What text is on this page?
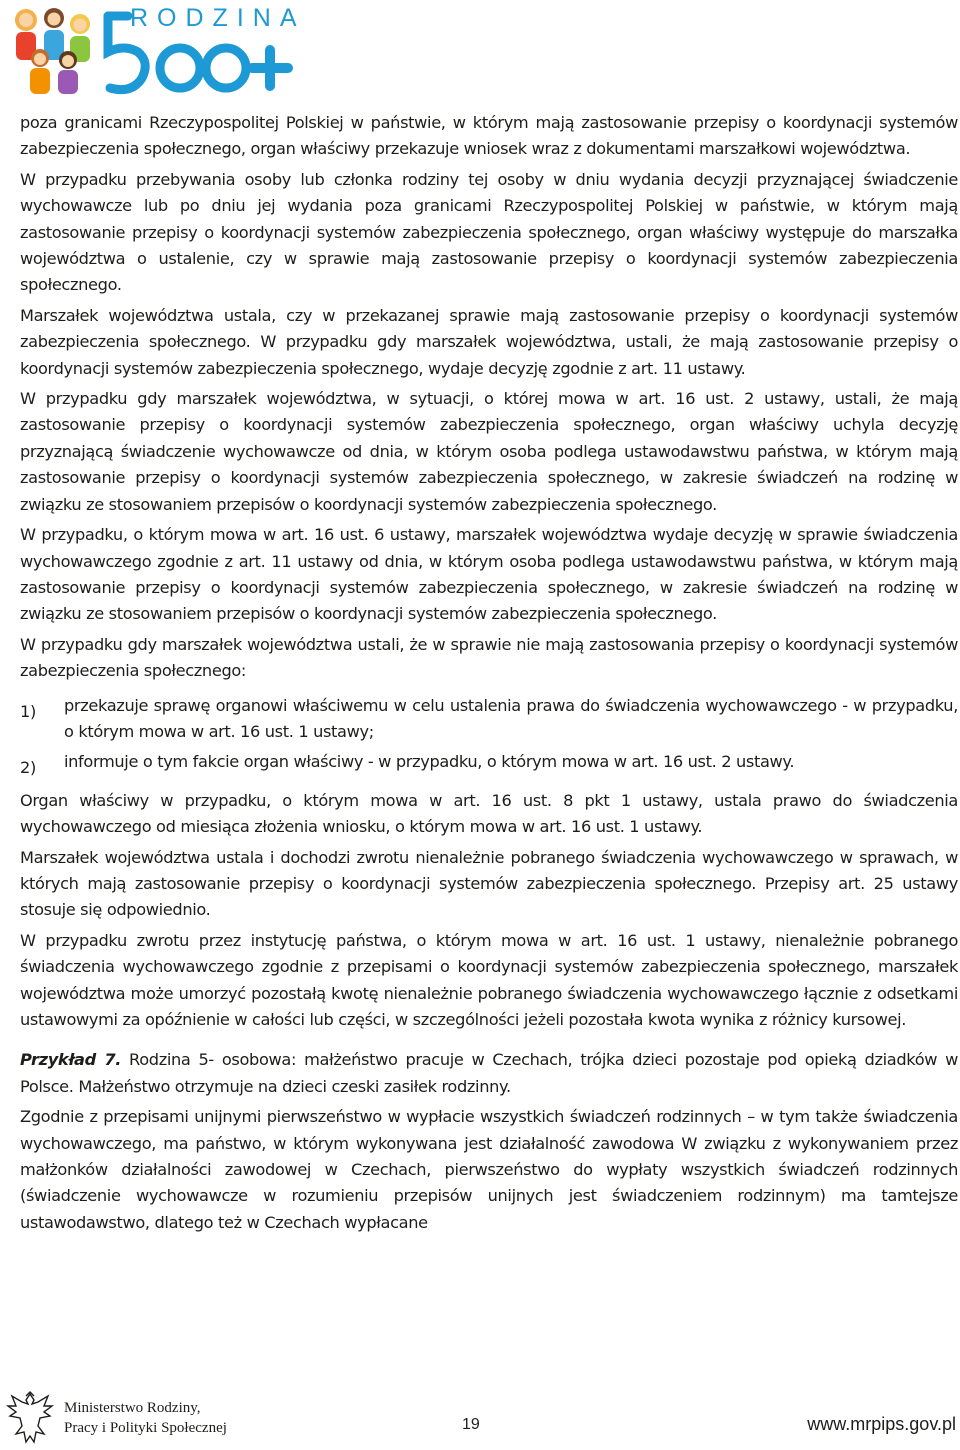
RODZINA

poza granicami Rzeczypospolitej Polskiej w państwie, w którym mają zastosowanie przepisy o koordynacji systemów zabezpieczenia społecznego, organ właściwy przekazuje wniosek wraz z dokumentami marszałkowi województwa.

W przypadku przebywania osoby lub członka rodziny tej osoby w dniu wydania decyzji przyznającej świadczenie wychowawcze lub po dniu jej wydania poza granicami Rzeczypospolitej Polskiej w państwie, w którym mają zastosowanie przepisy o koordynacji systemów zabezpieczenia społecznego, organ właściwy występuje do marszałka województwa o ustalenie, czy w sprawie mają zastosowanie przepisy o koordynacji systemów zabezpieczenia społecznego.

Marszałek województwa ustala, czy w przekazanej sprawie mają zastosowanie przepisy o koordynacji systemów zabezpieczenia społecznego. W przypadku gdy marszałek województwa, ustali, że mają zastosowanie przepisy o koordynacji systemów zabezpieczenia społecznego, wydaje decyzję zgodnie z art. 11 ustawy.

W przypadku gdy marszałek województwa, w sytuacji, o której mowa w art. 16 ust. 2 ustawy, ustali, że mają zastosowanie przepisy o koordynacji systemów zabezpieczenia społecznego, organ właściwy uchyla decyzję przyznającą świadczenie wychowawcze od dnia, w którym osoba podlega ustawodawstwu państwa, w którym mają zastosowanie przepisy o koordynacji systemów zabezpieczenia społecznego, w zakresie świadczeń na rodzinę w związku ze stosowaniem przepisów o koordynacji systemów zabezpieczenia społecznego.

W przypadku, o którym mowa w art. 16 ust. 6 ustawy, marszałek województwa wydaje decyzję w sprawie świadczenia wychowawczego zgodnie z art. 11 ustawy od dnia, w którym osoba podlega ustawodawstwu państwa, w którym mają zastosowanie przepisy o koordynacji systemów zabezpieczenia społecznego, w zakresie świadczeń na rodzinę w związku ze stosowaniem przepisów o koordynacji systemów zabezpieczenia społecznego.

W przypadku gdy marszałek województwa ustali, że w sprawie nie mają zastosowania przepisy o koordynacji systemów zabezpieczenia społecznego:

1)	przekazuje sprawę organowi właściwemu w celu ustalenia prawa do świadczenia wychowawczego - w przypadku, o którym mowa w art. 16 ust. 1 ustawy;
2)	informuje o tym fakcie organ właściwy - w przypadku, o którym mowa w art. 16 ust. 2 ustawy.

Organ właściwy w przypadku, o którym mowa w art. 16 ust. 8 pkt 1 ustawy, ustala prawo do świadczenia wychowawczego od miesiąca złożenia wniosku, o którym mowa w art. 16 ust. 1 ustawy.

Marszałek województwa ustala i dochodzi zwrotu nienależnie pobranego świadczenia wychowawczego w sprawach, w których mają zastosowanie przepisy o koordynacji systemów zabezpieczenia społecznego. Przepisy art. 25 ustawy stosuje się odpowiednio.

W przypadku zwrotu przez instytucję państwa, o którym mowa w art. 16 ust. 1 ustawy, nienależnie pobranego świadczenia wychowawczego zgodnie z przepisami o koordynacji systemów zabezpieczenia społecznego, marszałek województwa może umorzyć pozostałą kwotę nienależnie pobranego świadczenia wychowawczego łącznie z odsetkami ustawowymi za opóźnienie w całości lub części, w szczególności jeżeli pozostała kwota wynika z różnicy kursowej.

Przykład 7. Rodzina 5- osobowa: małżeństwo pracuje w Czechach, trójka dzieci pozostaje pod opieką dziadków w Polsce. Małżeństwo otrzymuje na dzieci czeski zasiłek rodzinny.

Zgodnie z przepisami unijnymi pierwszeństwo w wypłacie wszystkich świadczeń rodzinnych – w tym także świadczenia wychowawczego, ma państwo, w którym wykonywana jest działalność zawodowa W związku z wykonywaniem przez małżonków działalności zawodowej w Czechach, pierwszeństwo do wypłaty wszystkich świadczeń rodzinnych (świadczenie wychowawcze w rozumieniu przepisów unijnych jest świadczeniem rodzinnym) ma tamtejsze ustawodawstwo, dlatego też w Czechach wypłacane

Ministerstwo Rodziny,
Pracy i Polityki Społecznej	19	www.mrpips.gov.pl
